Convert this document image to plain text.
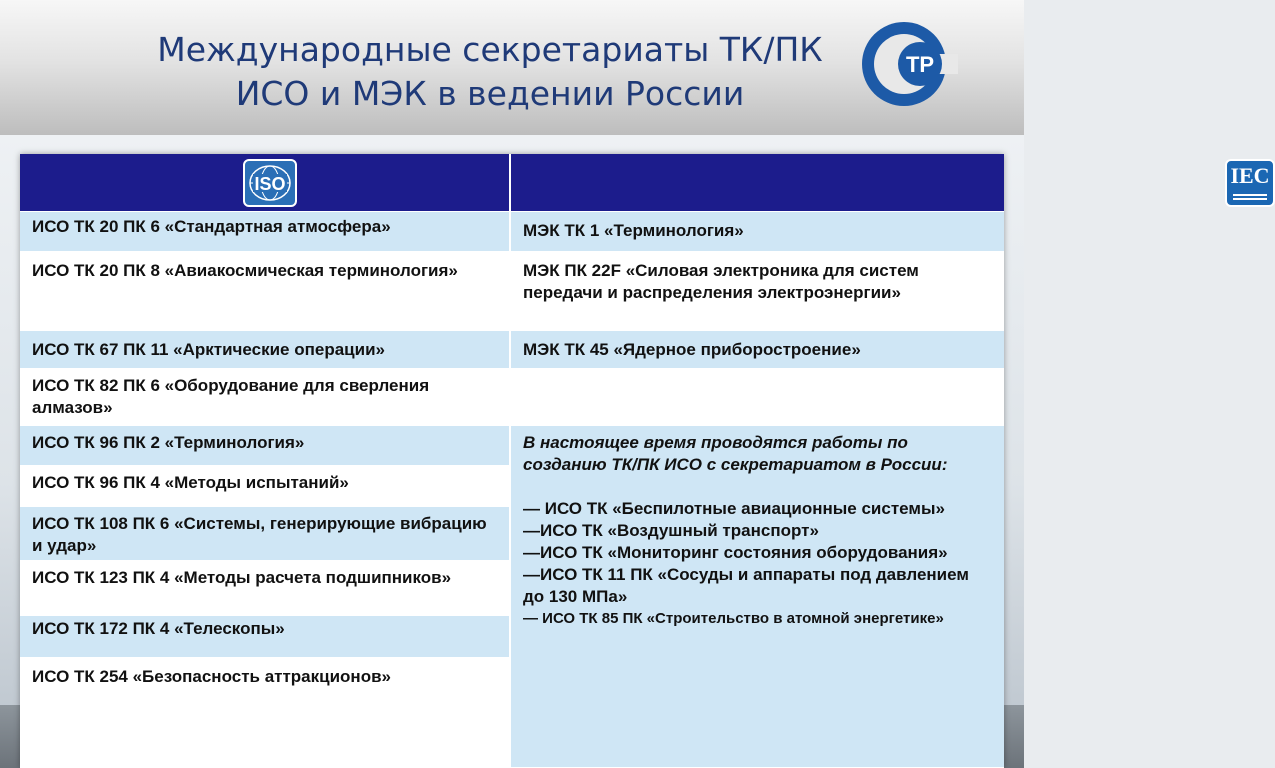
Международные секретариаты ТК/ПК
ИСО и МЭК в ведении России
ТР
ISO	IEC
ИСО ТК 20 ПК 6 «Стандартная атмосфера»
ИСО ТК 20 ПК 8 «Авиакосмическая терминология»
ИСО ТК 67 ПК 11 «Арктические операции»
ИСО ТК 82 ПК 6 «Оборудование для сверления алмазов»
ИСО ТК 96 ПК 2 «Терминология»
ИСО ТК 96 ПК 4 «Методы испытаний»
ИСО ТК 108 ПК 6 «Системы, генерирующие вибрацию и удар»
ИСО ТК 123 ПК 4 «Методы расчета подшипников»
ИСО ТК 172 ПК 4 «Телескопы»
ИСО ТК 254 «Безопасность аттракционов»
МЭК ТК 1 «Терминология»
МЭК ПК 22F «Силовая электроника для систем передачи и распределения электроэнергии»
МЭК ТК 45 «Ядерное приборостроение»
В настоящее время проводятся работы по созданию ТК/ПК ИСО с секретариатом в России:
— ИСО ТК «Беспилотные авиационные системы»
—ИСО ТК «Воздушный транспорт»
—ИСО ТК «Мониторинг состояния оборудования»
—ИСО ТК 11 ПК «Сосуды и аппараты под давлением до 130 МПа»
— ИСО ТК 85 ПК «Строительство в атомной энергетике»
